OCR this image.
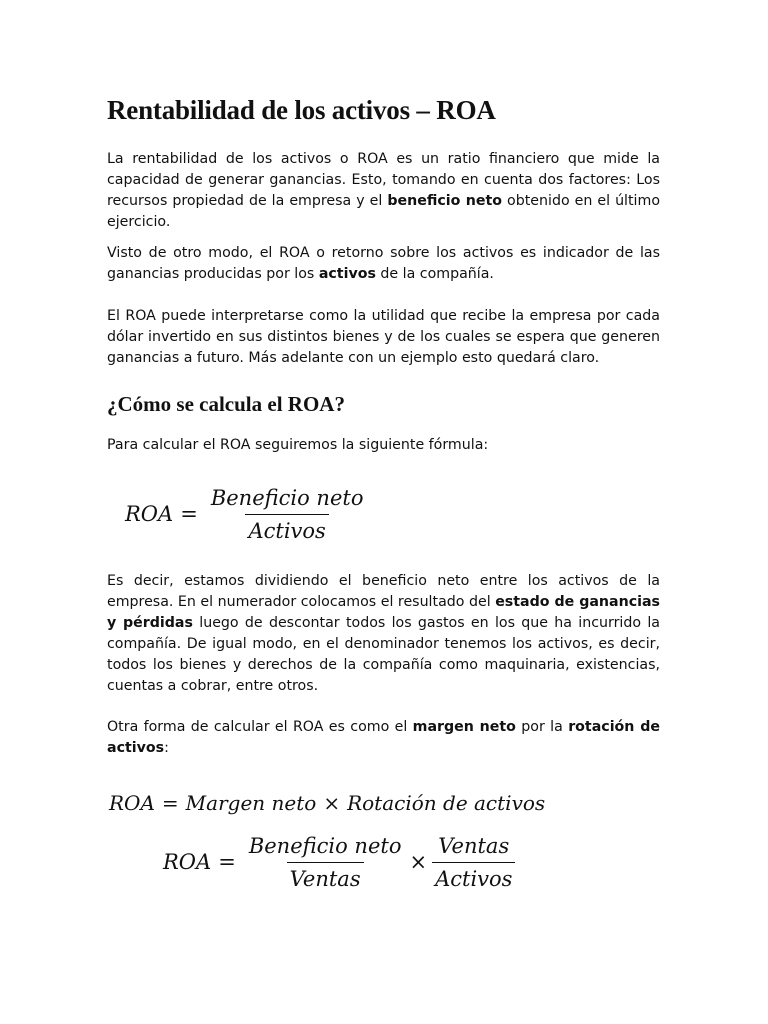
Rentabilidad de los activos – ROA

La rentabilidad de los activos o ROA es un ratio financiero que mide la capacidad de generar ganancias. Esto, tomando en cuenta dos factores: Los recursos propiedad de la empresa y el beneficio neto obtenido en el último ejercicio.

Visto de otro modo, el ROA o retorno sobre los activos es indicador de las ganancias producidas por los activos de la compañía.

El ROA puede interpretarse como la utilidad que recibe la empresa por cada dólar invertido en sus distintos bienes y de los cuales se espera que generen ganancias a futuro. Más adelante con un ejemplo esto quedará claro.

¿Cómo se calcula el ROA?

Para calcular el ROA seguiremos la siguiente fórmula:

ROA = $\frac{\text{Beneficio neto}}{\text{Activos}}$

Es decir, estamos dividiendo el beneficio neto entre los activos de la empresa. En el numerador colocamos el resultado del estado de ganancias y pérdidas luego de descontar todos los gastos en los que ha incurrido la compañía. De igual modo, en el denominador tenemos los activos, es decir, todos los bienes y derechos de la compañía como maquinaria, existencias, cuentas a cobrar, entre otros.

Otra forma de calcular el ROA es como el margen neto por la rotación de activos:

ROA = Margen neto × Rotación de activos
ROA = $\frac{\text{Beneficio neto}}{\text{Ventas}} \times \frac{\text{Ventas}}{\text{Activos}}$
